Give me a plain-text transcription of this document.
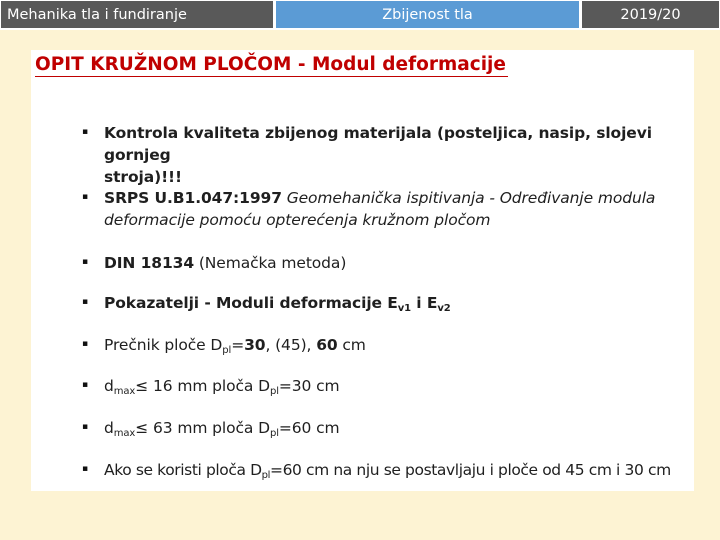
Mehanika tla i fundiranje	Zbijenost tla	2019/20
OPIT KRUŽNOM PLOČOM - Modul deformacije
▪	Kontrola kvaliteta zbijenog materijala (posteljica, nasip, slojevi gornjeg
stroja)!!!
▪	SRPS U.B1.047:1997 Geomehanička ispitivanja - Određivanje modula
deformacije pomoću opterećenja kružnom pločom
▪	DIN 18134 (Nemačka metoda)
▪	Pokazatelji - Moduli deformacije $E_{v1}$ i $E_{v2}$
▪	Prečnik ploče $D_{pl}=30$, (45), 60 cm
▪	$d_{max}\le 16$ mm ploča $D_{pl}=30$ cm
▪	$d_{max}\le 63$ mm ploča $D_{pl}=60$ cm
▪	Ako se koristi ploča $D_{pl}=60$ cm na nju se postavljaju i ploče od 45 cm i 30 cm
